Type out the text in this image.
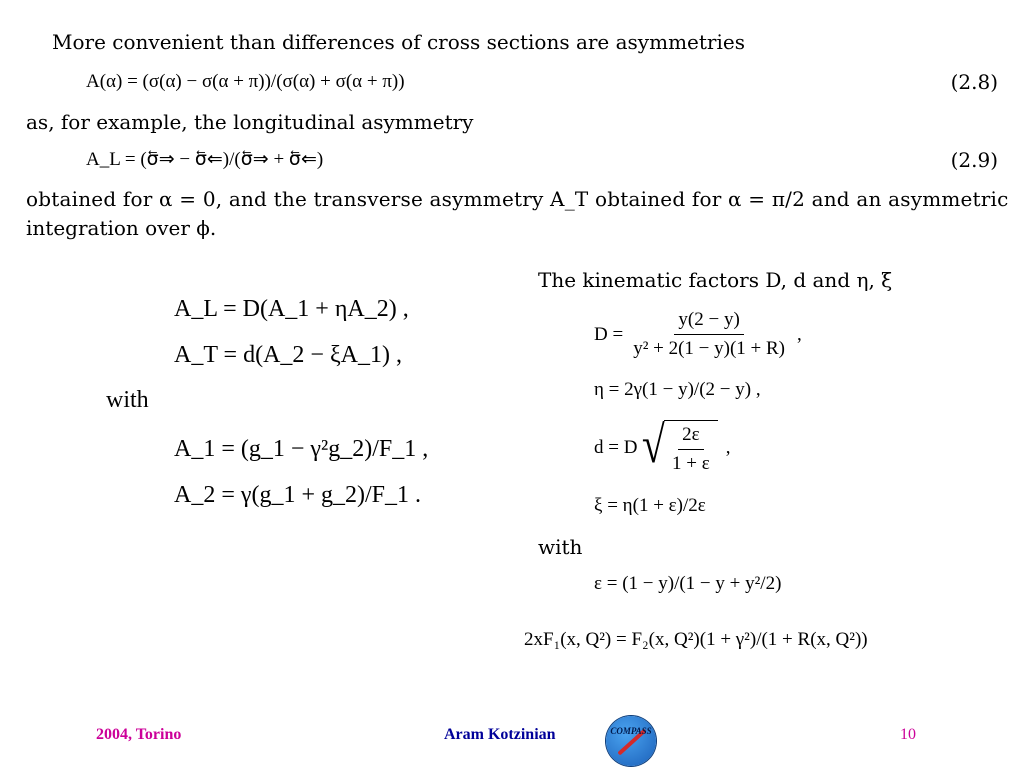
More convenient than differences of cross sections are asymmetries
A(α) = (σ(α) − σ(α + π))/(σ(α) + σ(α + π))	(2.8)
as, for example, the longitudinal asymmetry
A_L = (σ⃖⇒ − σ⃖⇐)/(σ⃖⇒ + σ⃖⇐)	(2.9)
obtained for α = 0, and the transverse asymmetry A_T obtained for α = π/2 and an asymmetric
integration over ϕ.
A_L = D(A_1 + ηA_2) ,
A_T = d(A_2 − ξA_1) ,
with
A_1 = (g_1 − γ²g_2)/F_1 ,
A_2 = γ(g_1 + g_2)/F_1 .
The kinematic factors D, d and η, ξ
$D = \frac{y(2 - y)}{\text{y² + 2(1 − y)(1 + R)}}$ ,
η = 2γ(1 − y)/(2 − y) ,
d = D √ $\frac{2\varepsilon}{1 + \varepsilon}$ ,
ξ = η(1 + ε)/2ε
with
ε = (1 − y)/(1 − y + y²/2)
2xF₁(x, Q²) = F₂(x, Q²)(1 + γ²)/(1 + R(x, Q²))
2004, Torino	Aram Kotzinian	COMPASS	10
